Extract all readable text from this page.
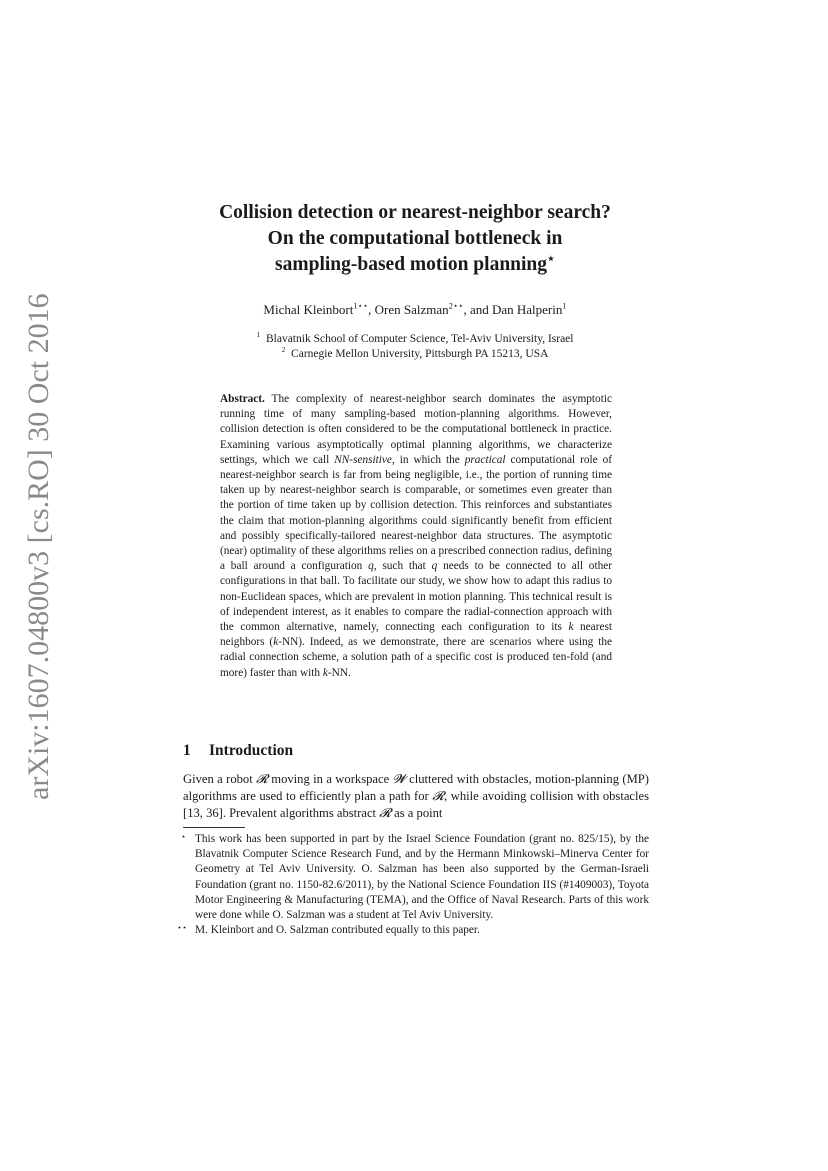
arXiv:1607.04800v3 [cs.RO] 30 Oct 2016
Collision detection or nearest-neighbor search?
On the computational bottleneck in
sampling-based motion planning⋆
Michal Kleinbort$^{1⋆⋆}$, Oren Salzman$^{2⋆⋆}$, and Dan Halperin$^1$
$^1$ Blavatnik School of Computer Science, Tel-Aviv University, Israel
$^2$ Carnegie Mellon University, Pittsburgh PA 15213, USA
Abstract. The complexity of nearest-neighbor search dominates the asymptotic running time of many sampling-based motion-planning algorithms. However, collision detection is often considered to be the computational bottleneck in practice. Examining various asymptotically optimal planning algorithms, we characterize settings, which we call NN-sensitive, in which the practical computational role of nearest-neighbor search is far from being negligible, i.e., the portion of running time taken up by nearest-neighbor search is comparable, or sometimes even greater than the portion of time taken up by collision detection. This reinforces and substantiates the claim that motion-planning algorithms could significantly benefit from efficient and possibly specifically-tailored nearest-neighbor data structures. The asymptotic (near) optimality of these algorithms relies on a prescribed connection radius, defining a ball around a configuration q, such that q needs to be connected to all other configurations in that ball. To facilitate our study, we show how to adapt this radius to non-Euclidean spaces, which are prevalent in motion planning. This technical result is of independent interest, as it enables to compare the radial-connection approach with the common alternative, namely, connecting each configuration to its k nearest neighbors (k-NN). Indeed, as we demonstrate, there are scenarios where using the radial connection scheme, a solution path of a specific cost is produced ten-fold (and more) faster than with k-NN.
1 Introduction
Given a robot 𝓡 moving in a workspace 𝓦 cluttered with obstacles, motion-planning (MP) algorithms are used to efficiently plan a path for 𝓡, while avoiding collision with obstacles [13, 36]. Prevalent algorithms abstract 𝓡 as a point
⋆ This work has been supported in part by the Israel Science Foundation (grant no. 825/15), by the Blavatnik Computer Science Research Fund, and by the Hermann Minkowski–Minerva Center for Geometry at Tel Aviv University. O. Salzman has been also supported by the German-Israeli Foundation (grant no. 1150-82.6/2011), by the National Science Foundation IIS (#1409003), Toyota Motor Engineering & Manufacturing (TEMA), and the Office of Naval Research. Parts of this work were done while O. Salzman was a student at Tel Aviv University.
⋆⋆ M. Kleinbort and O. Salzman contributed equally to this paper.
